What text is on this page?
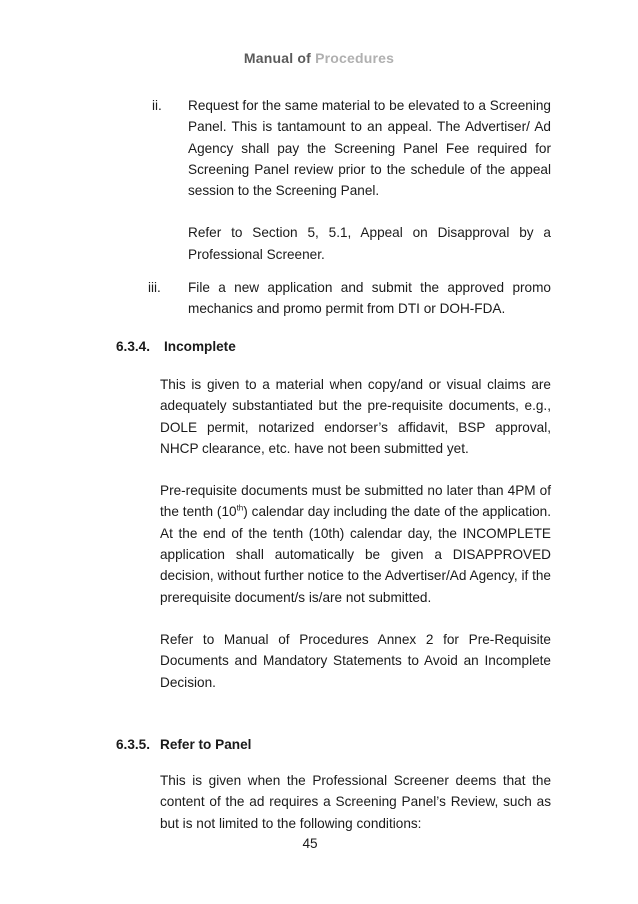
Manual of Procedures
ii. Request for the same material to be elevated to a Screening Panel. This is tantamount to an appeal. The Advertiser/ Ad Agency shall pay the Screening Panel Fee required for Screening Panel review prior to the schedule of the appeal session to the Screening Panel.

Refer to Section 5, 5.1, Appeal on Disapproval by a Professional Screener.

iii. File a new application and submit the approved promo mechanics and promo permit from DTI or DOH-FDA.

6.3.4. Incomplete

This is given to a material when copy/and or visual claims are adequately substantiated but the pre-requisite documents, e.g., DOLE permit, notarized endorser’s affidavit, BSP approval, NHCP clearance, etc. have not been submitted yet.

Pre-requisite documents must be submitted no later than 4PM of the tenth (10th) calendar day including the date of the application. At the end of the tenth (10th) calendar day, the INCOMPLETE application shall automatically be given a DISAPPROVED decision, without further notice to the Advertiser/Ad Agency, if the prerequisite document/s is/are not submitted.

Refer to Manual of Procedures Annex 2 for Pre-Requisite Documents and Mandatory Statements to Avoid an Incomplete Decision.

6.3.5. Refer to Panel

This is given when the Professional Screener deems that the content of the ad requires a Screening Panel’s Review, such as but is not limited to the following conditions:

45
